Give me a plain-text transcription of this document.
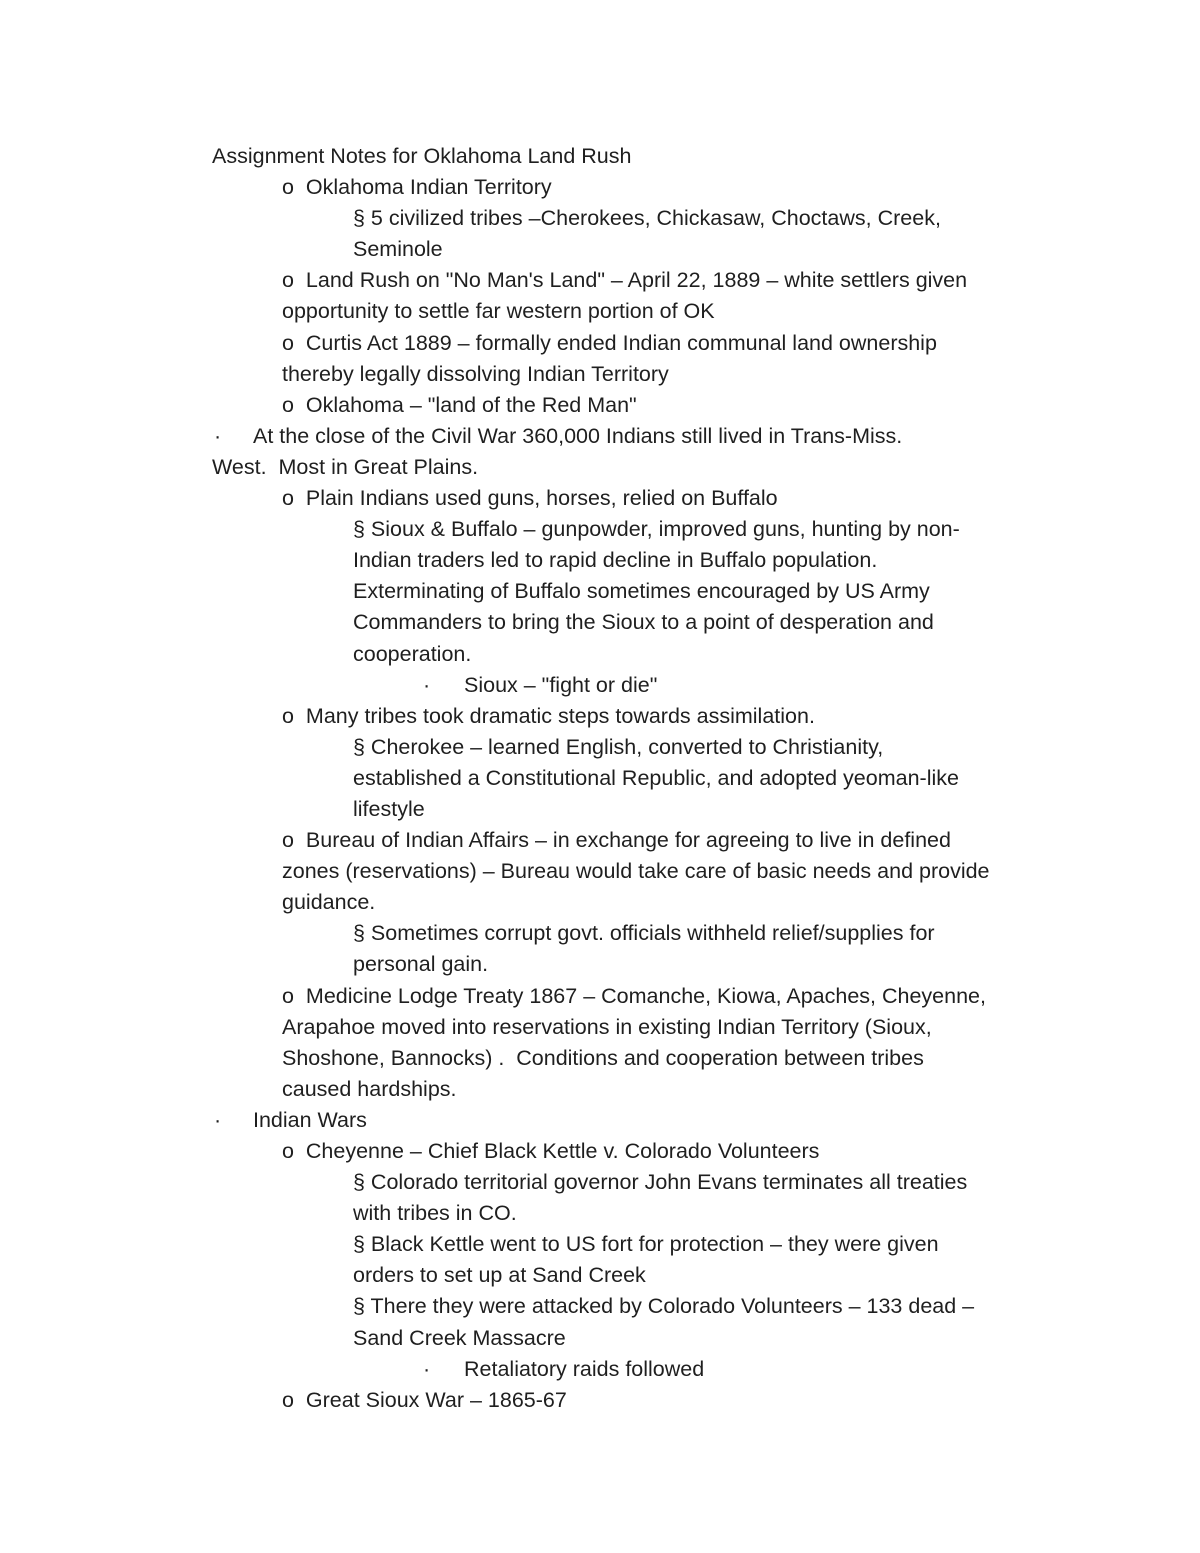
Assignment Notes for Oklahoma Land Rush
o  Oklahoma Indian Territory
§ 5 civilized tribes –Cherokees, Chickasaw, Choctaws, Creek,
Seminole
o  Land Rush on "No Man's Land" – April 22, 1889 – white settlers given
opportunity to settle far western portion of OK
o  Curtis Act 1889 – formally ended Indian communal land ownership
thereby legally dissolving Indian Territory
o  Oklahoma – "land of the Red Man"
· At the close of the Civil War 360,000 Indians still lived in Trans-Miss.
West.  Most in Great Plains.
o  Plain Indians used guns, horses, relied on Buffalo
§ Sioux & Buffalo – gunpowder, improved guns, hunting by non-
Indian traders led to rapid decline in Buffalo population.
Exterminating of Buffalo sometimes encouraged by US Army
Commanders to bring the Sioux to a point of desperation and
cooperation.
· Sioux – "fight or die"
o  Many tribes took dramatic steps towards assimilation.
§ Cherokee – learned English, converted to Christianity,
established a Constitutional Republic, and adopted yeoman-like
lifestyle
o  Bureau of Indian Affairs – in exchange for agreeing to live in defined
zones (reservations) – Bureau would take care of basic needs and provide
guidance.
§ Sometimes corrupt govt. officials withheld relief/supplies for
personal gain.
o  Medicine Lodge Treaty 1867 – Comanche, Kiowa, Apaches, Cheyenne,
Arapahoe moved into reservations in existing Indian Territory (Sioux,
Shoshone, Bannocks) .  Conditions and cooperation between tribes
caused hardships.
· Indian Wars
o  Cheyenne – Chief Black Kettle v. Colorado Volunteers
§ Colorado territorial governor John Evans terminates all treaties
with tribes in CO.
§ Black Kettle went to US fort for protection – they were given
orders to set up at Sand Creek
§ There they were attacked by Colorado Volunteers – 133 dead –
Sand Creek Massacre
· Retaliatory raids followed
o  Great Sioux War – 1865-67
